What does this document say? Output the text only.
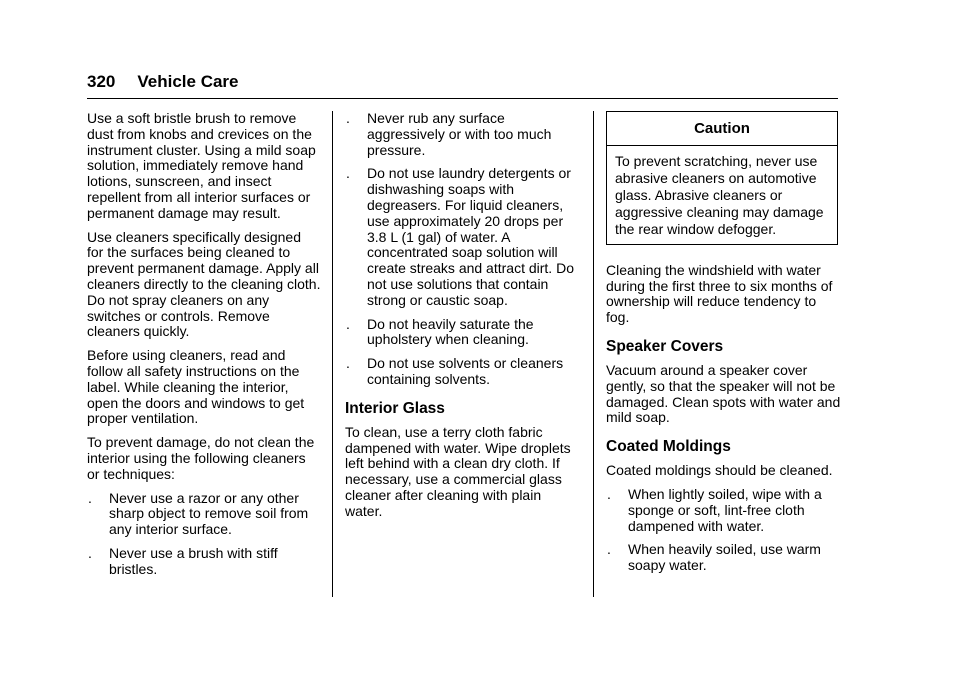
320 Vehicle Care

Use a soft bristle brush to remove dust from knobs and crevices on the instrument cluster. Using a mild soap solution, immediately remove hand lotions, sunscreen, and insect repellent from all interior surfaces or permanent damage may result.

Use cleaners specifically designed for the surfaces being cleaned to prevent permanent damage. Apply all cleaners directly to the cleaning cloth. Do not spray cleaners on any switches or controls. Remove cleaners quickly.

Before using cleaners, read and follow all safety instructions on the label. While cleaning the interior, open the doors and windows to get proper ventilation.

To prevent damage, do not clean the interior using the following cleaners or techniques:

. Never use a razor or any other sharp object to remove soil from any interior surface.
. Never use a brush with stiff bristles.
. Never rub any surface aggressively or with too much pressure.
. Do not use laundry detergents or dishwashing soaps with degreasers. For liquid cleaners, use approximately 20 drops per 3.8 L (1 gal) of water. A concentrated soap solution will create streaks and attract dirt. Do not use solutions that contain strong or caustic soap.
. Do not heavily saturate the upholstery when cleaning.
. Do not use solvents or cleaners containing solvents.
Interior Glass

To clean, use a terry cloth fabric dampened with water. Wipe droplets left behind with a clean dry cloth. If necessary, use a commercial glass cleaner after cleaning with plain water.

Caution

To prevent scratching, never use abrasive cleaners on automotive glass. Abrasive cleaners or aggressive cleaning may damage the rear window defogger.

Cleaning the windshield with water during the first three to six months of ownership will reduce tendency to fog.

Speaker Covers

Vacuum around a speaker cover gently, so that the speaker will not be damaged. Clean spots with water and mild soap.

Coated Moldings

Coated moldings should be cleaned.

. When lightly soiled, wipe with a sponge or soft, lint-free cloth dampened with water.
. When heavily soiled, use warm soapy water.
